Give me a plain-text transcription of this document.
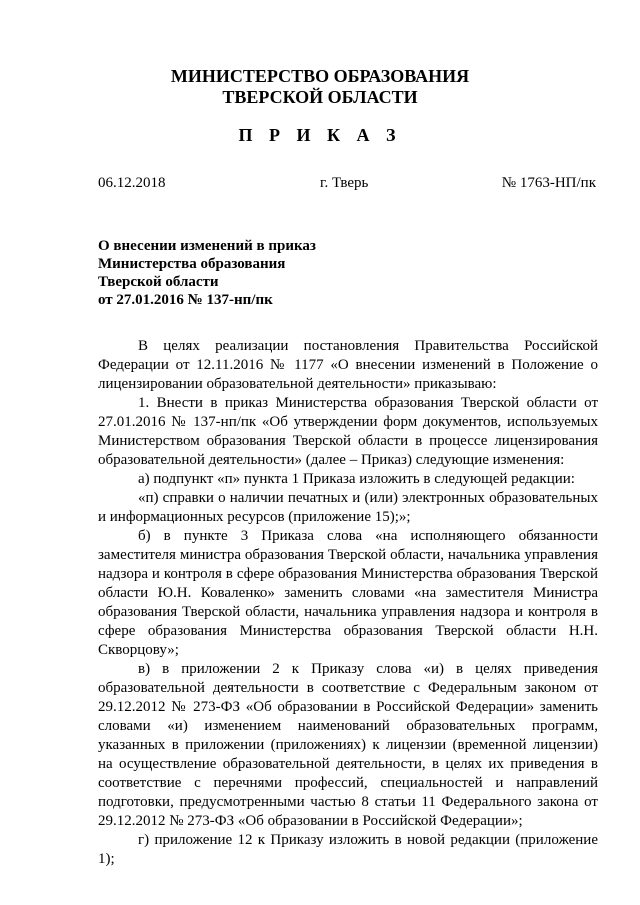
МИНИСТЕРСТВО ОБРАЗОВАНИЯ
ТВЕРСКОЙ ОБЛАСТИ
П Р И К А З
06.12.2018	г. Тверь	№ 1763-НП/пк
О внесении изменений в приказ
Министерства образования
Тверской области
от 27.01.2016 № 137-нп/пк

В целях реализации постановления Правительства Российской Федерации от 12.11.2016 № 1177 «О внесении изменений в Положение о лицензировании образовательной деятельности» приказываю:

1. Внести в приказ Министерства образования Тверской области от 27.01.2016 № 137-нп/пк «Об утверждении форм документов, используемых Министерством образования Тверской области в процессе лицензирования образовательной деятельности» (далее – Приказ) следующие изменения:

а) подпункт «п» пункта 1 Приказа изложить в следующей редакции:

«п) справки о наличии печатных и (или) электронных образовательных и информационных ресурсов (приложение 15);»;

б) в пункте 3 Приказа слова «на исполняющего обязанности заместителя министра образования Тверской области, начальника управления надзора и контроля в сфере образования Министерства образования Тверской области Ю.Н. Коваленко» заменить словами «на заместителя Министра образования Тверской области, начальника управления надзора и контроля в сфере образования Министерства образования Тверской области Н.Н. Скворцову»;

в) в приложении 2 к Приказу слова «и) в целях приведения образовательной деятельности в соответствие с Федеральным законом от 29.12.2012 № 273-ФЗ «Об образовании в Российской Федерации» заменить словами «и) изменением наименований образовательных программ, указанных в приложении (приложениях) к лицензии (временной лицензии) на осуществление образовательной деятельности, в целях их приведения в соответствие с перечнями профессий, специальностей и направлений подготовки, предусмотренными частью 8 статьи 11 Федерального закона от 29.12.2012 № 273-ФЗ «Об образовании в Российской Федерации»;

г) приложение 12 к Приказу изложить в новой редакции (приложение 1);
